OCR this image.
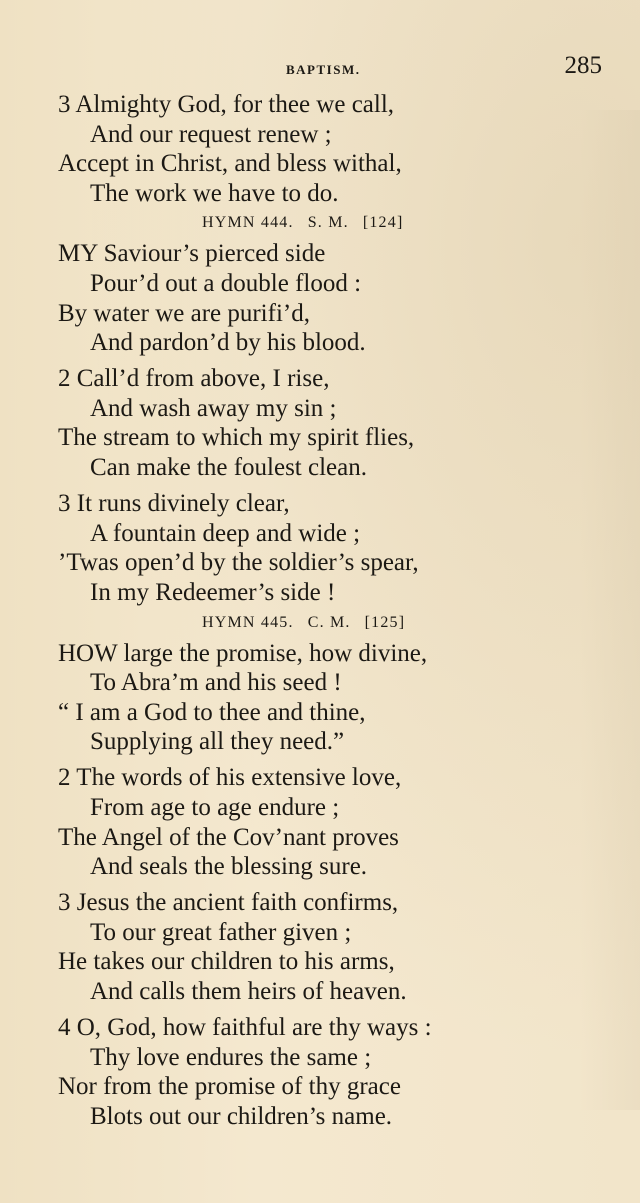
BAPTISM.	285
3 Almighty God, for thee we call,
And our request renew ;
Accept in Christ, and bless withal,
The work we have to do.
HYMN 444. S. M. [124]
MY Saviour’s pierced side
Pour’d out a double flood :
By water we are purifi’d,
And pardon’d by his blood.
2 Call’d from above, I rise,
And wash away my sin ;
The stream to which my spirit flies,
Can make the foulest clean.
3 It runs divinely clear,
A fountain deep and wide ;
’Twas open’d by the soldier’s spear,
In my Redeemer’s side !
HYMN 445. C. M. [125]
HOW large the promise, how divine,
To Abra’m and his seed !
“ I am a God to thee and thine,
Supplying all they need.”
2 The words of his extensive love,
From age to age endure ;
The Angel of the Cov’nant proves
And seals the blessing sure.
3 Jesus the ancient faith confirms,
To our great father given ;
He takes our children to his arms,
And calls them heirs of heaven.
4 O, God, how faithful are thy ways :
Thy love endures the same ;
Nor from the promise of thy grace
Blots out our children’s name.
